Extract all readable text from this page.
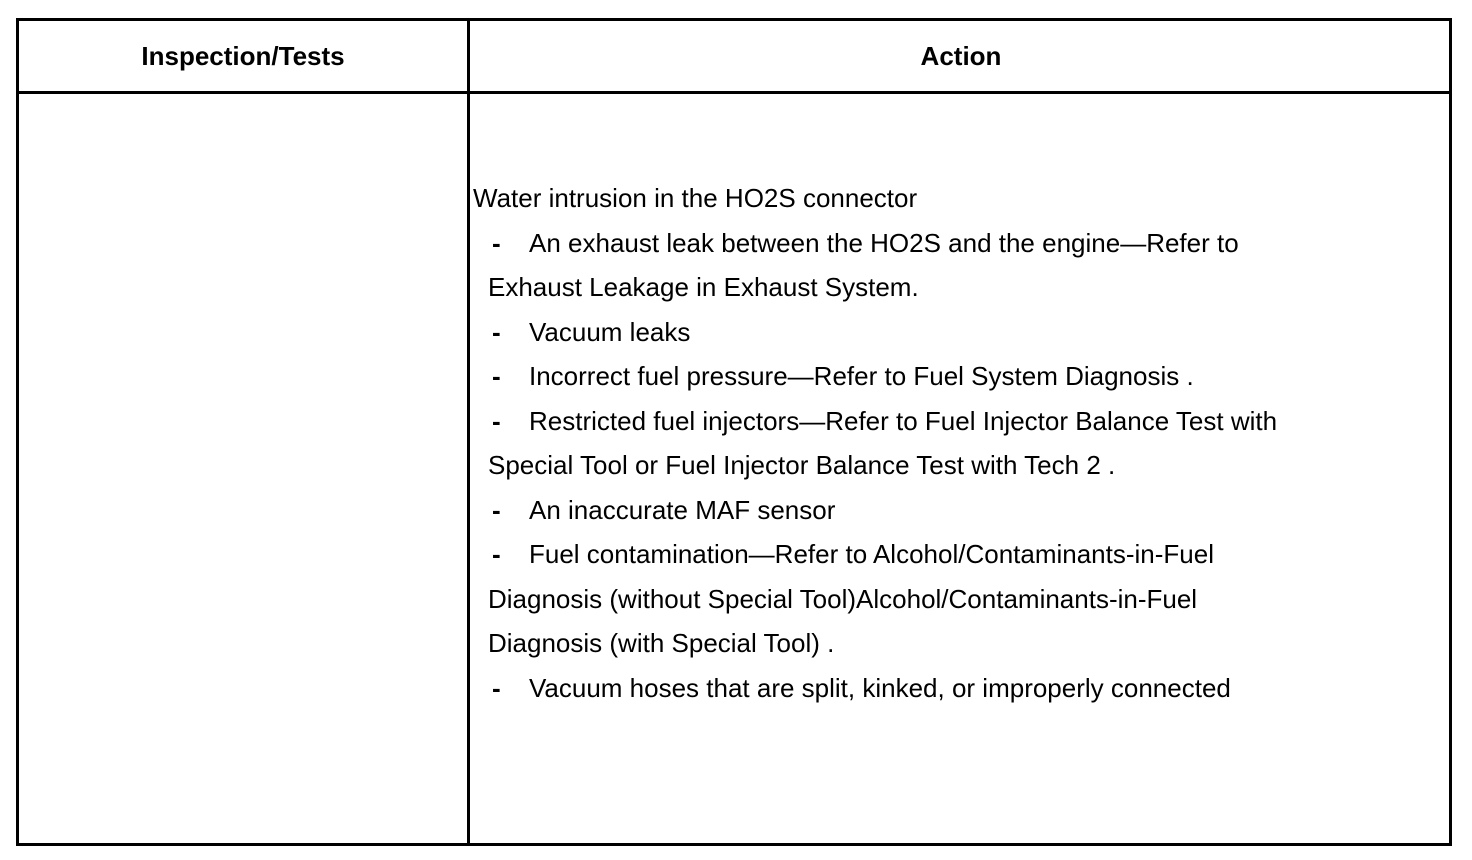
Inspection/Tests	Action
Water intrusion in the HO2S connector
- An exhaust leak between the HO2S and the engine—Refer to
Exhaust Leakage in Exhaust System.
- Vacuum leaks
- Incorrect fuel pressure—Refer to Fuel System Diagnosis .
- Restricted fuel injectors—Refer to Fuel Injector Balance Test with
Special Tool or Fuel Injector Balance Test with Tech 2 .
- An inaccurate MAF sensor
- Fuel contamination—Refer to Alcohol/Contaminants-in-Fuel
Diagnosis (without Special Tool)Alcohol/Contaminants-in-Fuel
Diagnosis (with Special Tool) .
- Vacuum hoses that are split, kinked, or improperly connected
